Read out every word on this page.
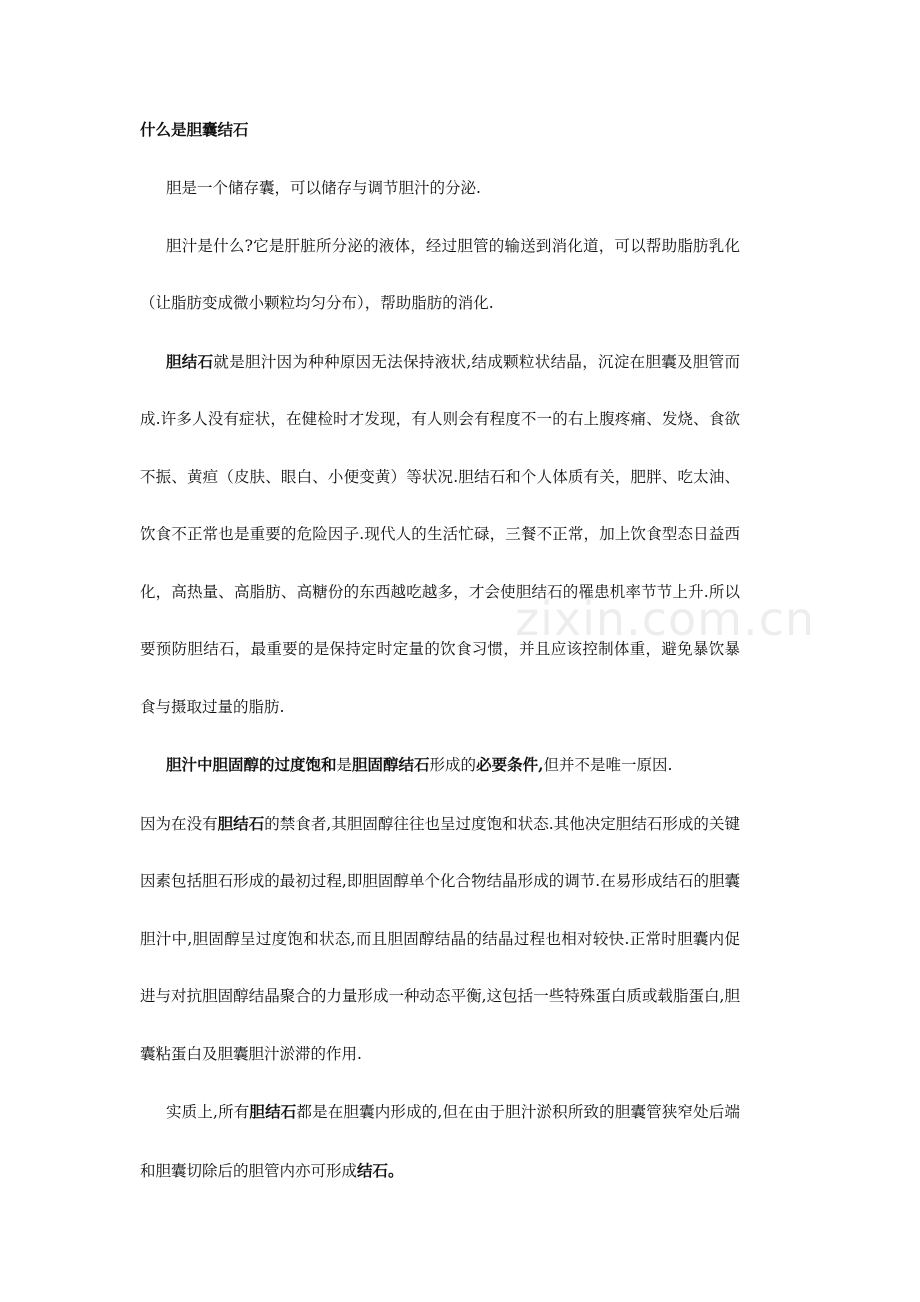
zixin.com.cn
什么是胆囊结石

胆是一个储存囊，可以储存与调节胆汁的分泌.

胆汁是什么?它是肝脏所分泌的液体，经过胆管的输送到消化道，可以帮助脂肪乳化（让脂肪变成微小颗粒均匀分布），帮助脂肪的消化.

胆结石就是胆汁因为种种原因无法保持液状,结成颗粒状结晶，沉淀在胆囊及胆管而成.许多人没有症状，在健检时才发现，有人则会有程度不一的右上腹疼痛、发烧、食欲不振、黄疸（皮肤、眼白、小便变黄）等状况.胆结石和个人体质有关，肥胖、吃太油、饮食不正常也是重要的危险因子.现代人的生活忙碌，三餐不正常，加上饮食型态日益西化，高热量、高脂肪、高糖份的东西越吃越多，才会使胆结石的罹患机率节节上升.所以要预防胆结石，最重要的是保持定时定量的饮食习惯，并且应该控制体重，避免暴饮暴食与摄取过量的脂肪.

胆汁中胆固醇的过度饱和是胆固醇结石形成的必要条件,但并不是唯一原因.

因为在没有胆结石的禁食者,其胆固醇往往也呈过度饱和状态.其他决定胆结石形成的关键因素包括胆石形成的最初过程,即胆固醇单个化合物结晶形成的调节.在易形成结石的胆囊胆汁中,胆固醇呈过度饱和状态,而且胆固醇结晶的结晶过程也相对较快.正常时胆囊内促进与对抗胆固醇结晶聚合的力量形成一种动态平衡,这包括一些特殊蛋白质或载脂蛋白,胆囊粘蛋白及胆囊胆汁淤滞的作用.

实质上,所有胆结石都是在胆囊内形成的,但在由于胆汁淤积所致的胆囊管狭窄处后端和胆囊切除后的胆管内亦可形成结石。
